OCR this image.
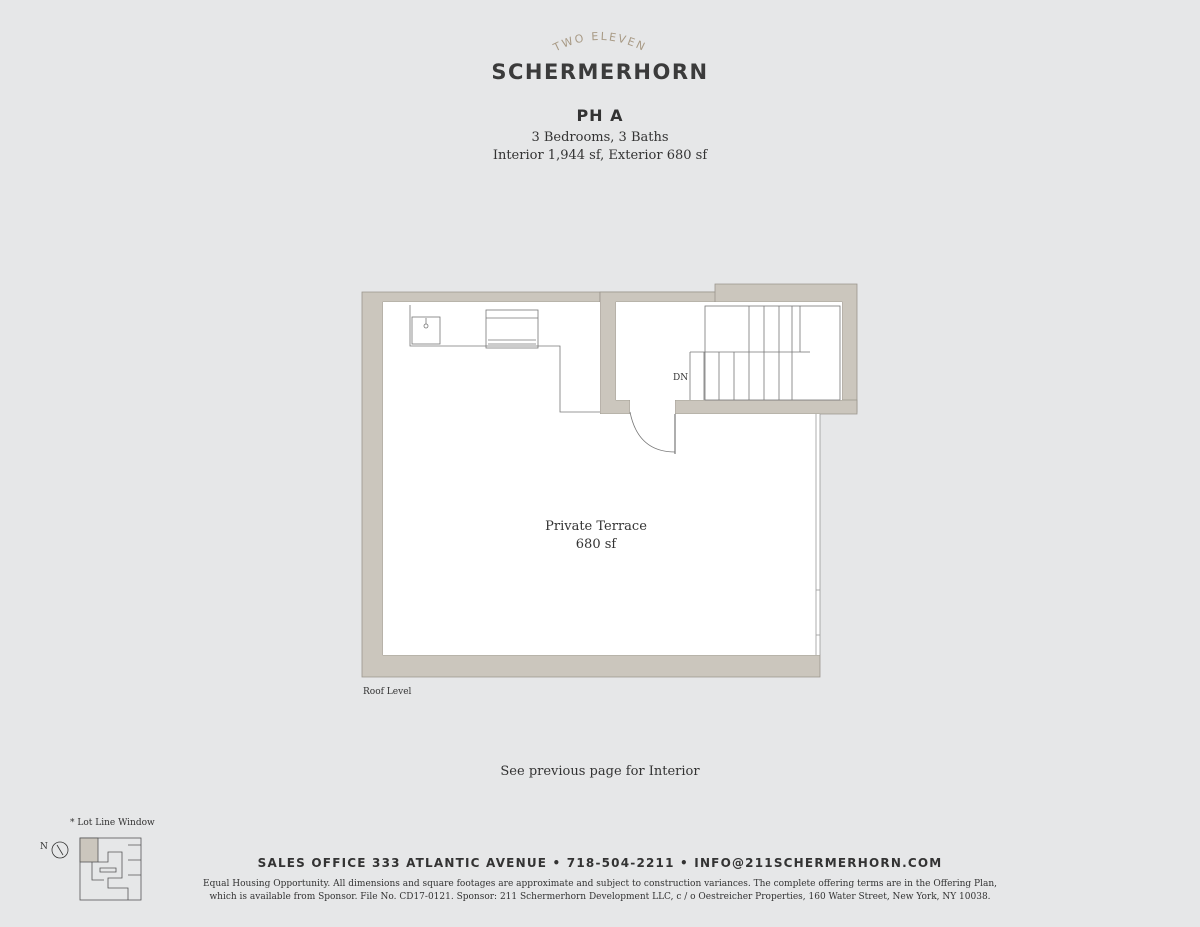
TWO ELEVEN
SCHERMERHORN
PH A
3 Bedrooms, 3 Baths
Interior 1,944 sf, Exterior 680 sf
DN
Private Terrace
680 sf
Roof Level
See previous page for Interior
* Lot Line Window
N
SALES OFFICE 333 ATLANTIC AVENUE • 718-504-2211 • INFO@211SCHERMERHORN.COM
Equal Housing Opportunity. All dimensions and square footages are approximate and subject to construction variances. The complete offering terms are in the Offering Plan,
which is available from Sponsor. File No. CD17-0121. Sponsor: 211 Schermerhorn Development LLC, c / o Oestreicher Properties, 160 Water Street, New York, NY 10038.
